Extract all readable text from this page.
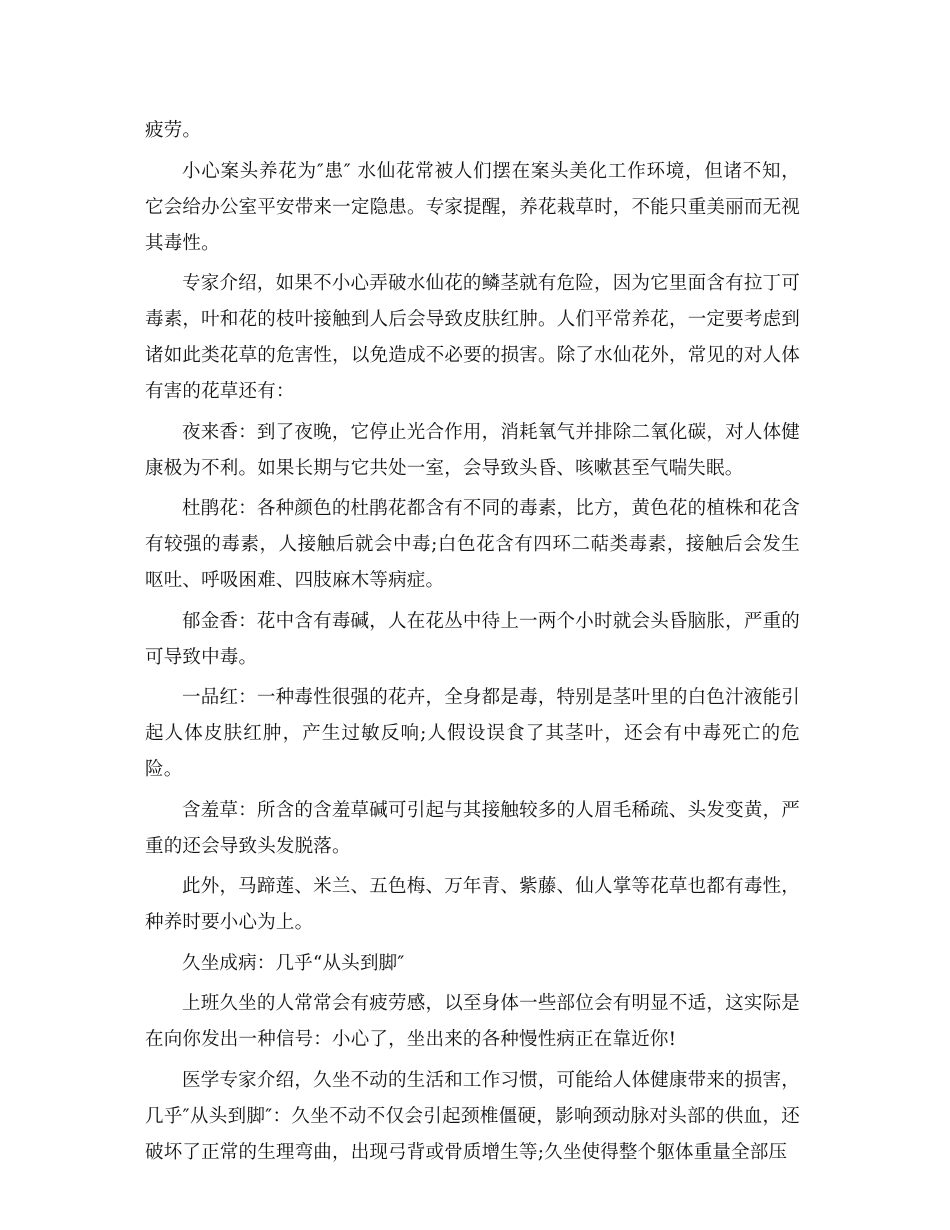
疲劳。

小心案头养花为″患″ 水仙花常被人们摆在案头美化工作环境，但诸不知，它会给办公室平安带来一定隐患。专家提醒，养花栽草时，不能只重美丽而无视其毒性。

专家介绍，如果不小心弄破水仙花的鳞茎就有危险，因为它里面含有拉丁可毒素，叶和花的枝叶接触到人后会导致皮肤红肿。人们平常养花，一定要考虑到诸如此类花草的危害性，以免造成不必要的损害。除了水仙花外，常见的对人体有害的花草还有：

夜来香：到了夜晚，它停止光合作用，消耗氧气并排除二氧化碳，对人体健康极为不利。如果长期与它共处一室，会导致头昏、咳嗽甚至气喘失眠。

杜鹃花：各种颜色的杜鹃花都含有不同的毒素，比方，黄色花的植株和花含有较强的毒素，人接触后就会中毒;白色花含有四环二萜类毒素，接触后会发生呕吐、呼吸困难、四肢麻木等病症。

郁金香：花中含有毒碱，人在花丛中待上一两个小时就会头昏脑胀，严重的可导致中毒。

一品红：一种毒性很强的花卉，全身都是毒，特别是茎叶里的白色汁液能引起人体皮肤红肿，产生过敏反响;人假设误食了其茎叶，还会有中毒死亡的危险。

含羞草：所含的含羞草碱可引起与其接触较多的人眉毛稀疏、头发变黄，严重的还会导致头发脱落。

此外，马蹄莲、米兰、五色梅、万年青、紫藤、仙人掌等花草也都有毒性，种养时要小心为上。

久坐成病：几乎“从头到脚″

上班久坐的人常常会有疲劳感，以至身体一些部位会有明显不适，这实际是在向你发出一种信号：小心了，坐出来的各种慢性病正在靠近你!

医学专家介绍，久坐不动的生活和工作习惯，可能给人体健康带来的损害，几乎″从头到脚″：久坐不动不仅会引起颈椎僵硬，影响颈动脉对头部的供血，还破坏了正常的生理弯曲，出现弓背或骨质增生等;久坐使得整个躯体重量全部压
